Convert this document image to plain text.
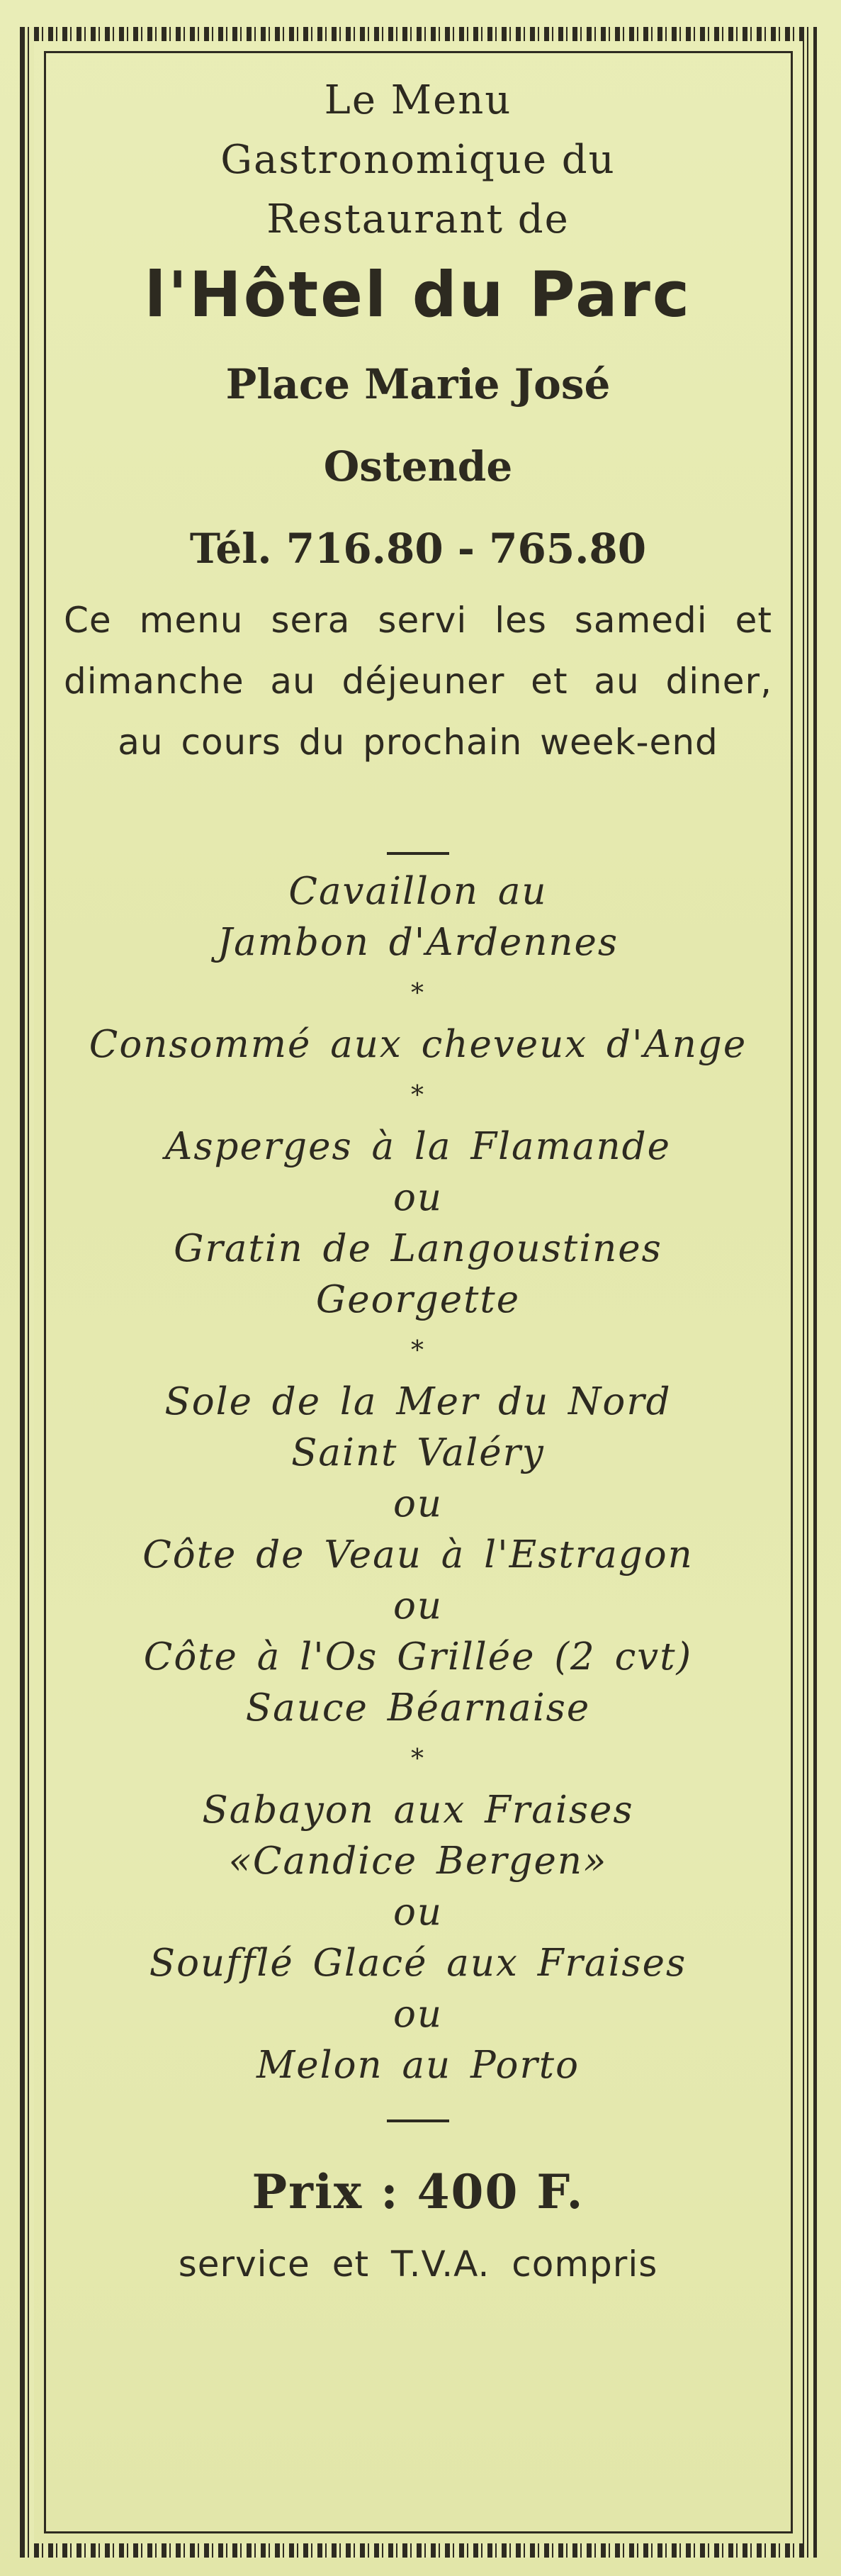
Le Menu

Gastronomique du

Restaurant de

l'Hôtel du Parc

Place Marie José

Ostende

Tél. 716.80 - 765.80

Ce menu sera servi les samedi et dimanche au déjeuner et au diner, au cours du prochain week-end

Cavaillon au
Jambon d'Ardennes
*
Consommé aux cheveux d'Ange
*
Asperges à la Flamande
ou
Gratin de Langoustines
Georgette
*
Sole de la Mer du Nord
Saint Valéry
ou
Côte de Veau à l'Estragon
ou
Côte à l'Os Grillée (2 cvt)
Sauce Béarnaise
*
Sabayon aux Fraises
«Candice Bergen»
ou
Soufflé Glacé aux Fraises
ou
Melon au Porto

Prix : 400 F.

service et T.V.A. compris
